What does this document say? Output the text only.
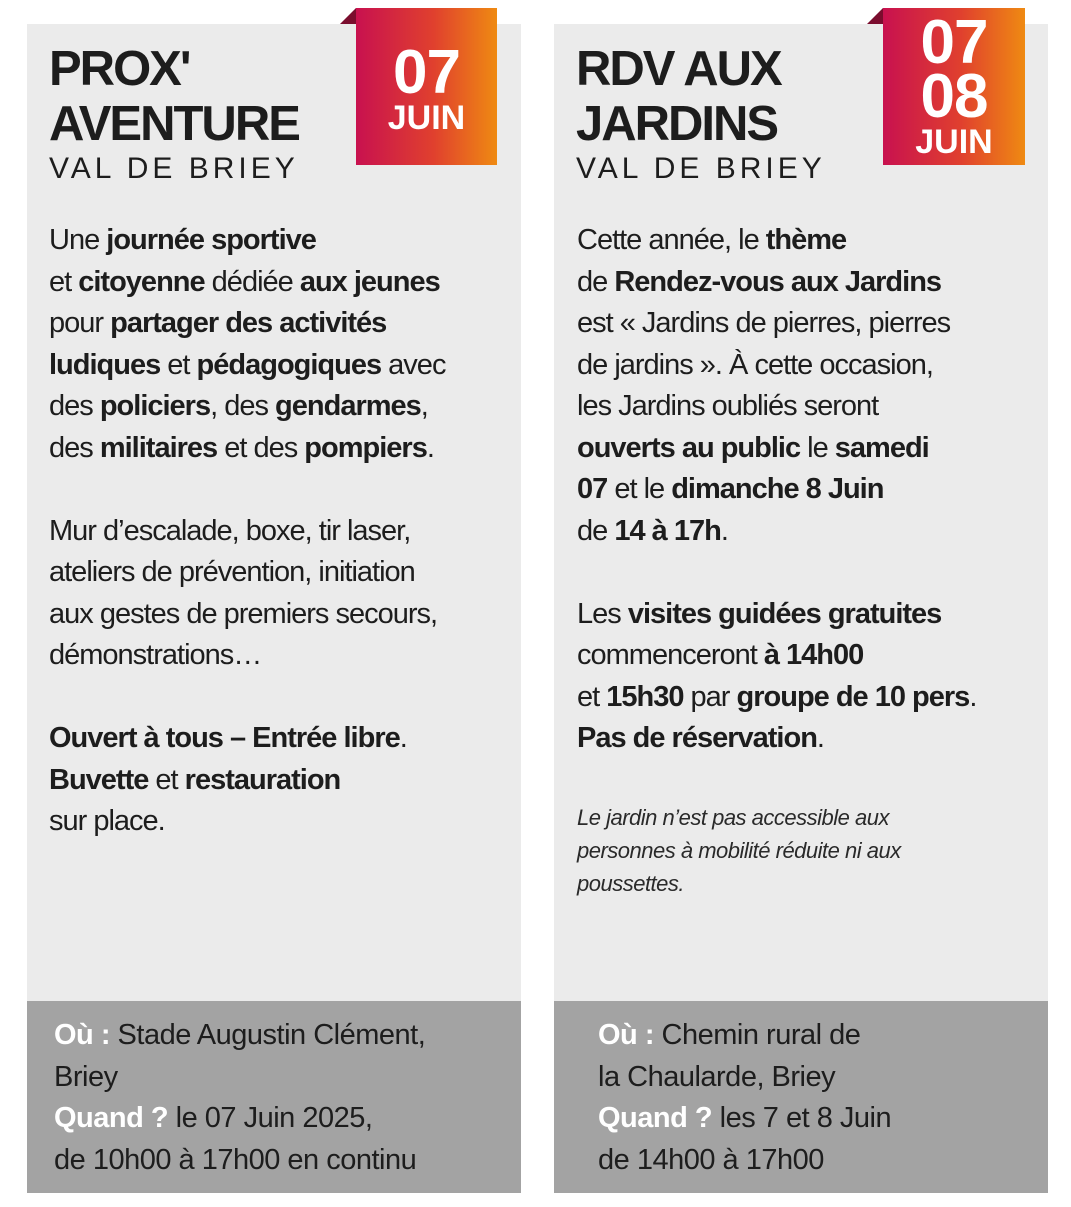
PROX'
AVENTURE

VAL DE BRIEY

07
JUIN

Une journée sportive
et citoyenne dédiée aux jeunes
pour partager des activités
ludiques et pédagogiques avec
des policiers, des gendarmes,
des militaires et des pompiers.

Mur d’escalade, boxe, tir laser,
ateliers de prévention, initiation
aux gestes de premiers secours,
démonstrations…

Ouvert à tous – Entrée libre.
Buvette et restauration
sur place.

Où : Stade Augustin Clément,
Briey
Quand ? le 07 Juin 2025,
de 10h00 à 17h00 en continu
RDV AUX
JARDINS

VAL DE BRIEY

07
08
JUIN

Cette année, le thème
de Rendez-vous aux Jardins
est « Jardins de pierres, pierres
de jardins ». À cette occasion,
les Jardins oubliés seront
ouverts au public le samedi
07 et le dimanche 8 Juin
de 14 à 17h.

Les visites guidées gratuites
commenceront à 14h00
et 15h30 par groupe de 10 pers.
Pas de réservation.

Le jardin n’est pas accessible aux
personnes à mobilité réduite ni aux
poussettes.

Où : Chemin rural de
la Chaularde, Briey
Quand ? les 7 et 8 Juin
de 14h00 à 17h00
